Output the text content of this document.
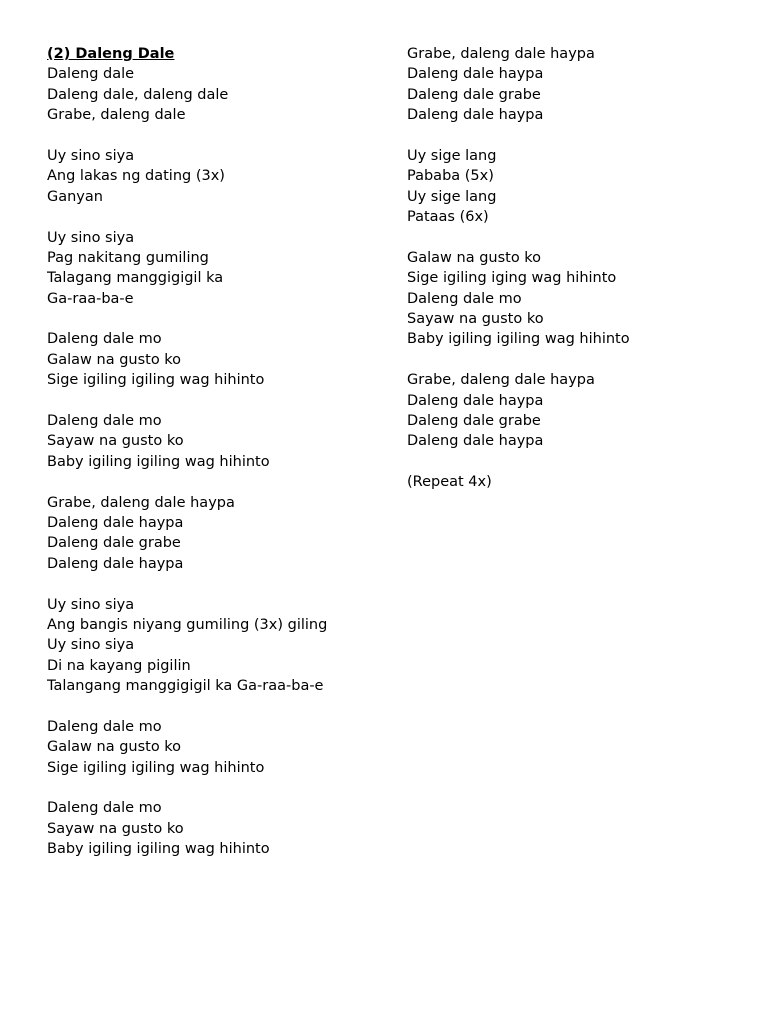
(2) Daleng Dale
Daleng dale
Daleng dale, daleng dale
Grabe, daleng dale
Uy sino siya
Ang lakas ng dating (3x)
Ganyan
Uy sino siya
Pag nakitang gumiling
Talagang manggigigil ka
Ga-raa-ba-e
Daleng dale mo
Galaw na gusto ko
Sige igiling igiling wag hihinto
Daleng dale mo
Sayaw na gusto ko
Baby igiling igiling wag hihinto
Grabe, daleng dale haypa
Daleng dale haypa
Daleng dale grabe
Daleng dale haypa
Uy sino siya
Ang bangis niyang gumiling (3x) giling
Uy sino siya
Di na kayang pigilin
Talangang manggigigil ka Ga-raa-ba-e
Daleng dale mo
Galaw na gusto ko
Sige igiling igiling wag hihinto
Daleng dale mo
Sayaw na gusto ko
Baby igiling igiling wag hihinto
Grabe, daleng dale haypa
Daleng dale haypa
Daleng dale grabe
Daleng dale haypa
Uy sige lang
Pababa (5x)
Uy sige lang
Pataas (6x)
Galaw na gusto ko
Sige igiling iging wag hihinto
Daleng dale mo
Sayaw na gusto ko
Baby igiling igiling wag hihinto
Grabe, daleng dale haypa
Daleng dale haypa
Daleng dale grabe
Daleng dale haypa
(Repeat 4x)
